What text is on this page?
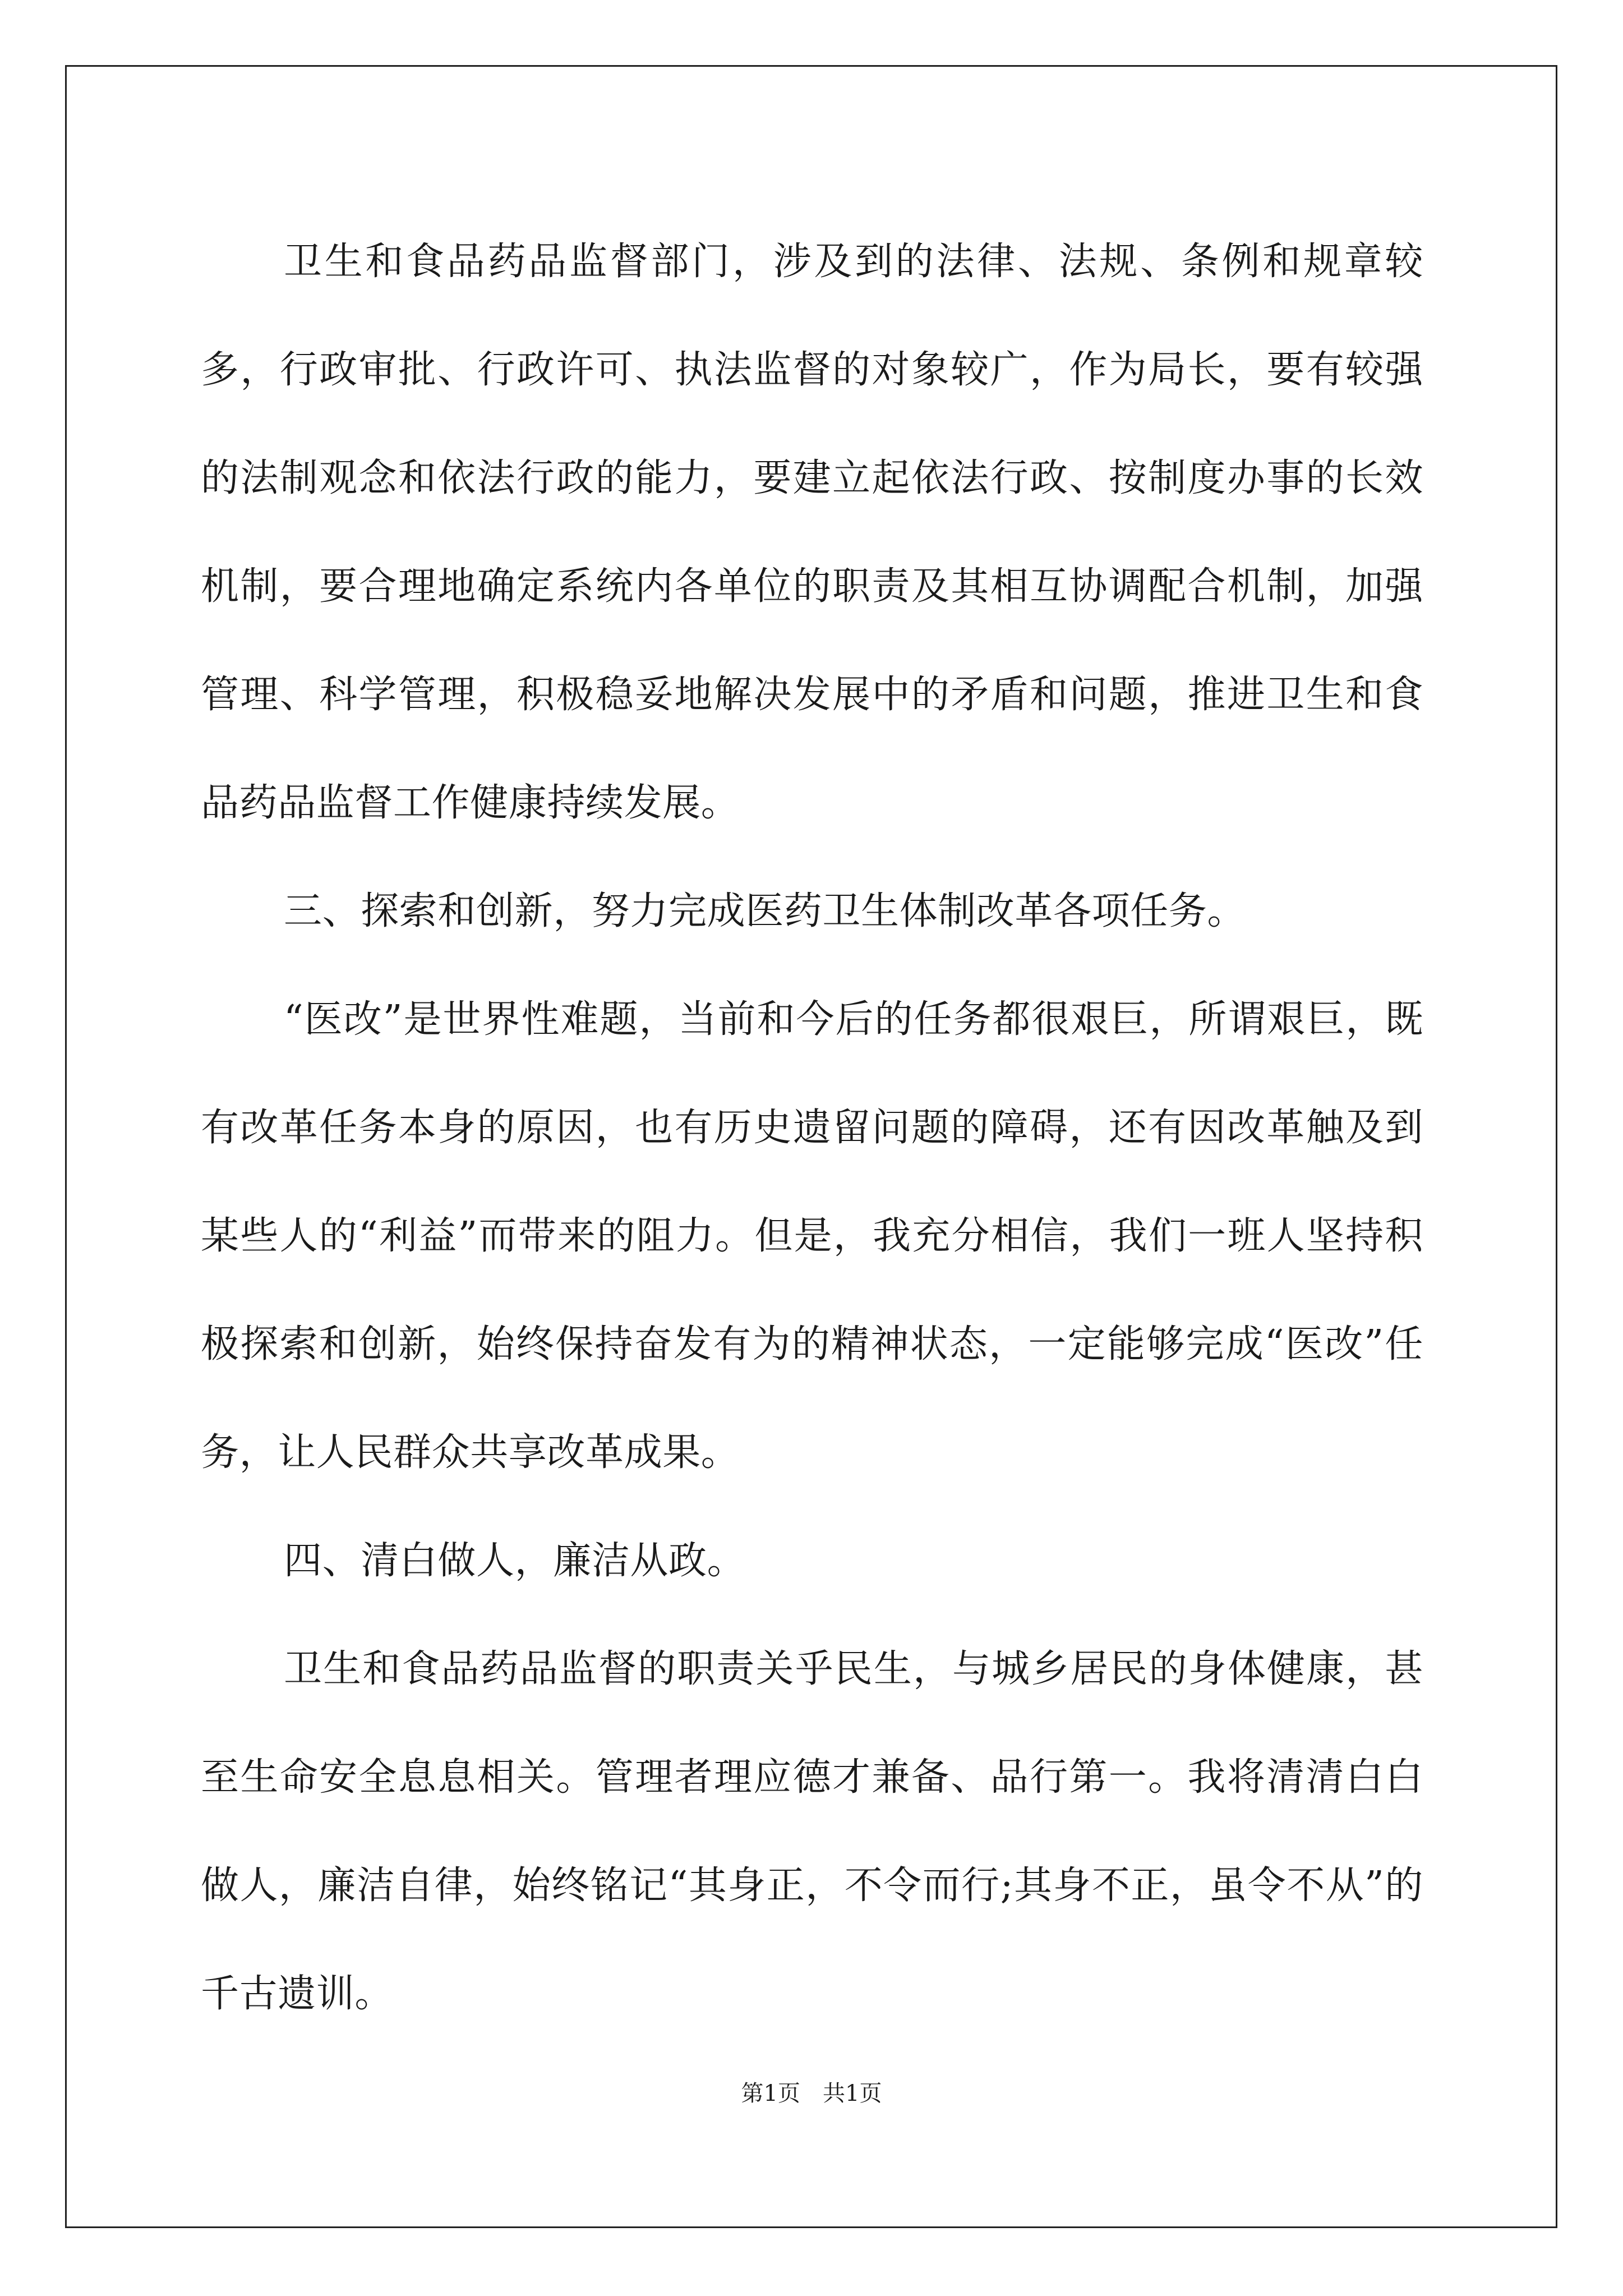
卫生和食品药品监督部门，涉及到的法律、法规、条例和规章较多，行政审批、行政许可、执法监督的对象较广，作为局长，要有较强的法制观念和依法行政的能力，要建立起依法行政、按制度办事的长效机制，要合理地确定系统内各单位的职责及其相互协调配合机制，加强管理、科学管理，积极稳妥地解决发展中的矛盾和问题，推进卫生和食品药品监督工作健康持续发展。

三、探索和创新，努力完成医药卫生体制改革各项任务。

“医改”是世界性难题，当前和今后的任务都很艰巨，所谓艰巨，既有改革任务本身的原因，也有历史遗留问题的障碍，还有因改革触及到某些人的“利益”而带来的阻力。但是，我充分相信，我们一班人坚持积极探索和创新，始终保持奋发有为的精神状态，一定能够完成“医改”任务，让人民群众共享改革成果。

四、清白做人，廉洁从政。

卫生和食品药品监督的职责关乎民生，与城乡居民的身体健康，甚至生命安全息息相关。管理者理应德才兼备、品行第一。我将清清白白做人，廉洁自律，始终铭记“其身正，不令而行;其身不正，虽令不从”的千古遗训。

第1页　共1页
